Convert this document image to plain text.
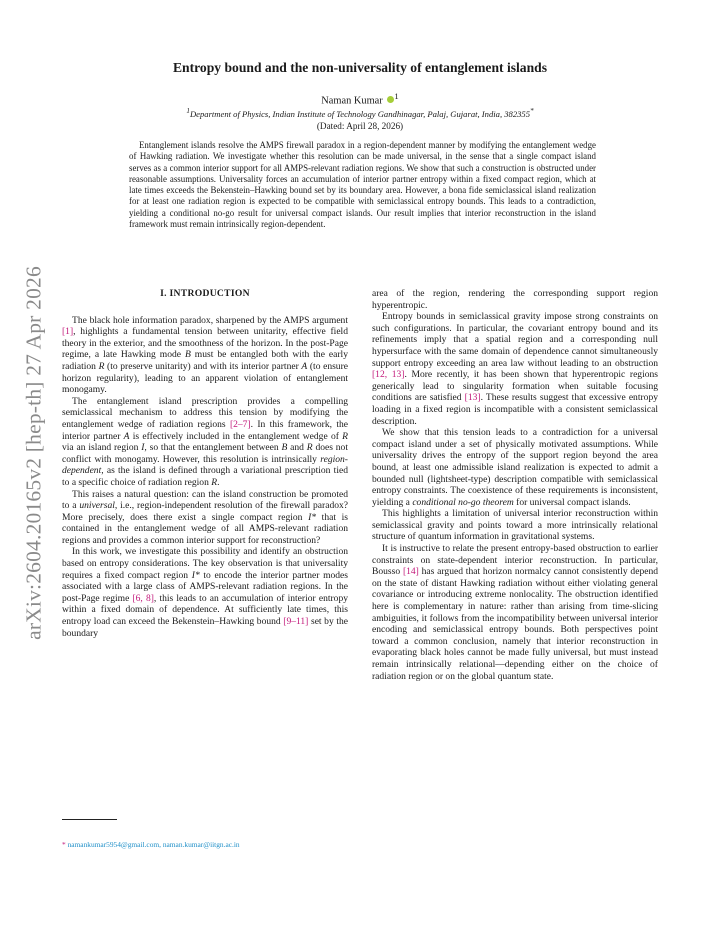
arXiv:2604.20165v2 [hep-th] 27 Apr 2026
Entropy bound and the non-universality of entanglement islands
Naman Kumar $^1$
$^1$Department of Physics, Indian Institute of Technology Gandhinagar, Palaj, Gujarat, India, 382355*
(Dated: April 28, 2026)

Entanglement islands resolve the AMPS firewall paradox in a region-dependent manner by modifying the entanglement wedge of Hawking radiation. We investigate whether this resolution can be made universal, in the sense that a single compact island serves as a common interior support for all AMPS-relevant radiation regions. We show that such a construction is obstructed under reasonable assumptions. Universality forces an accumulation of interior partner entropy within a fixed compact region, which at late times exceeds the Bekenstein–Hawking bound set by its boundary area. However, a bona fide semiclassical island realization for at least one radiation region is expected to be compatible with semiclassical entropy bounds. This leads to a contradiction, yielding a conditional no-go result for universal compact islands. Our result implies that interior reconstruction in the island framework must remain intrinsically region-dependent.

I. INTRODUCTION

The black hole information paradox, sharpened by the AMPS argument [1], highlights a fundamental tension between unitarity, effective field theory in the exterior, and the smoothness of the horizon. In the post-Page regime, a late Hawking mode B must be entangled both with the early radiation R (to preserve unitarity) and with its interior partner A (to ensure horizon regularity), leading to an apparent violation of entanglement monogamy.

The entanglement island prescription provides a compelling semiclassical mechanism to address this tension by modifying the entanglement wedge of radiation regions [2–7]. In this framework, the interior partner A is effectively included in the entanglement wedge of R via an island region I, so that the entanglement between B and R does not conflict with monogamy. However, this resolution is intrinsically region-dependent, as the island is defined through a variational prescription tied to a specific choice of radiation region R.

This raises a natural question: can the island construction be promoted to a universal, i.e., region-independent resolution of the firewall paradox? More precisely, does there exist a single compact region I* that is contained in the entanglement wedge of all AMPS-relevant radiation regions and provides a common interior support for reconstruction?

In this work, we investigate this possibility and identify an obstruction based on entropy considerations. The key observation is that universality requires a fixed compact region I* to encode the interior partner modes associated with a large class of AMPS-relevant radiation regions. In the post-Page regime [6, 8], this leads to an accumulation of interior entropy within a fixed domain of dependence. At sufficiently late times, this entropy load can exceed the Bekenstein–Hawking bound [9–11] set by the boundary

area of the region, rendering the corresponding support region hyperentropic.

Entropy bounds in semiclassical gravity impose strong constraints on such configurations. In particular, the covariant entropy bound and its refinements imply that a spatial region and a corresponding null hypersurface with the same domain of dependence cannot simultaneously support entropy exceeding an area law without leading to an obstruction [12, 13]. More recently, it has been shown that hyperentropic regions generically lead to singularity formation when suitable focusing conditions are satisfied [13]. These results suggest that excessive entropy loading in a fixed region is incompatible with a consistent semiclassical description.

We show that this tension leads to a contradiction for a universal compact island under a set of physically motivated assumptions. While universality drives the entropy of the support region beyond the area bound, at least one admissible island realization is expected to admit a bounded null (lightsheet-type) description compatible with semiclassical entropy constraints. The coexistence of these requirements is inconsistent, yielding a conditional no-go theorem for universal compact islands.

This highlights a limitation of universal interior reconstruction within semiclassical gravity and points toward a more intrinsically relational structure of quantum information in gravitational systems.

It is instructive to relate the present entropy-based obstruction to earlier constraints on state-dependent interior reconstruction. In particular, Bousso [14] has argued that horizon normalcy cannot consistently depend on the state of distant Hawking radiation without either violating general covariance or introducing extreme nonlocality. The obstruction identified here is complementary in nature: rather than arising from time-slicing ambiguities, it follows from the incompatibility between universal interior encoding and semiclassical entropy bounds. Both perspectives point toward a common conclusion, namely that interior reconstruction in evaporating black holes cannot be made fully universal, but must instead remain intrinsically relational—depending either on the choice of radiation region or on the global quantum state.

* namankumar5954@gmail.com, naman.kumar@iitgn.ac.in
